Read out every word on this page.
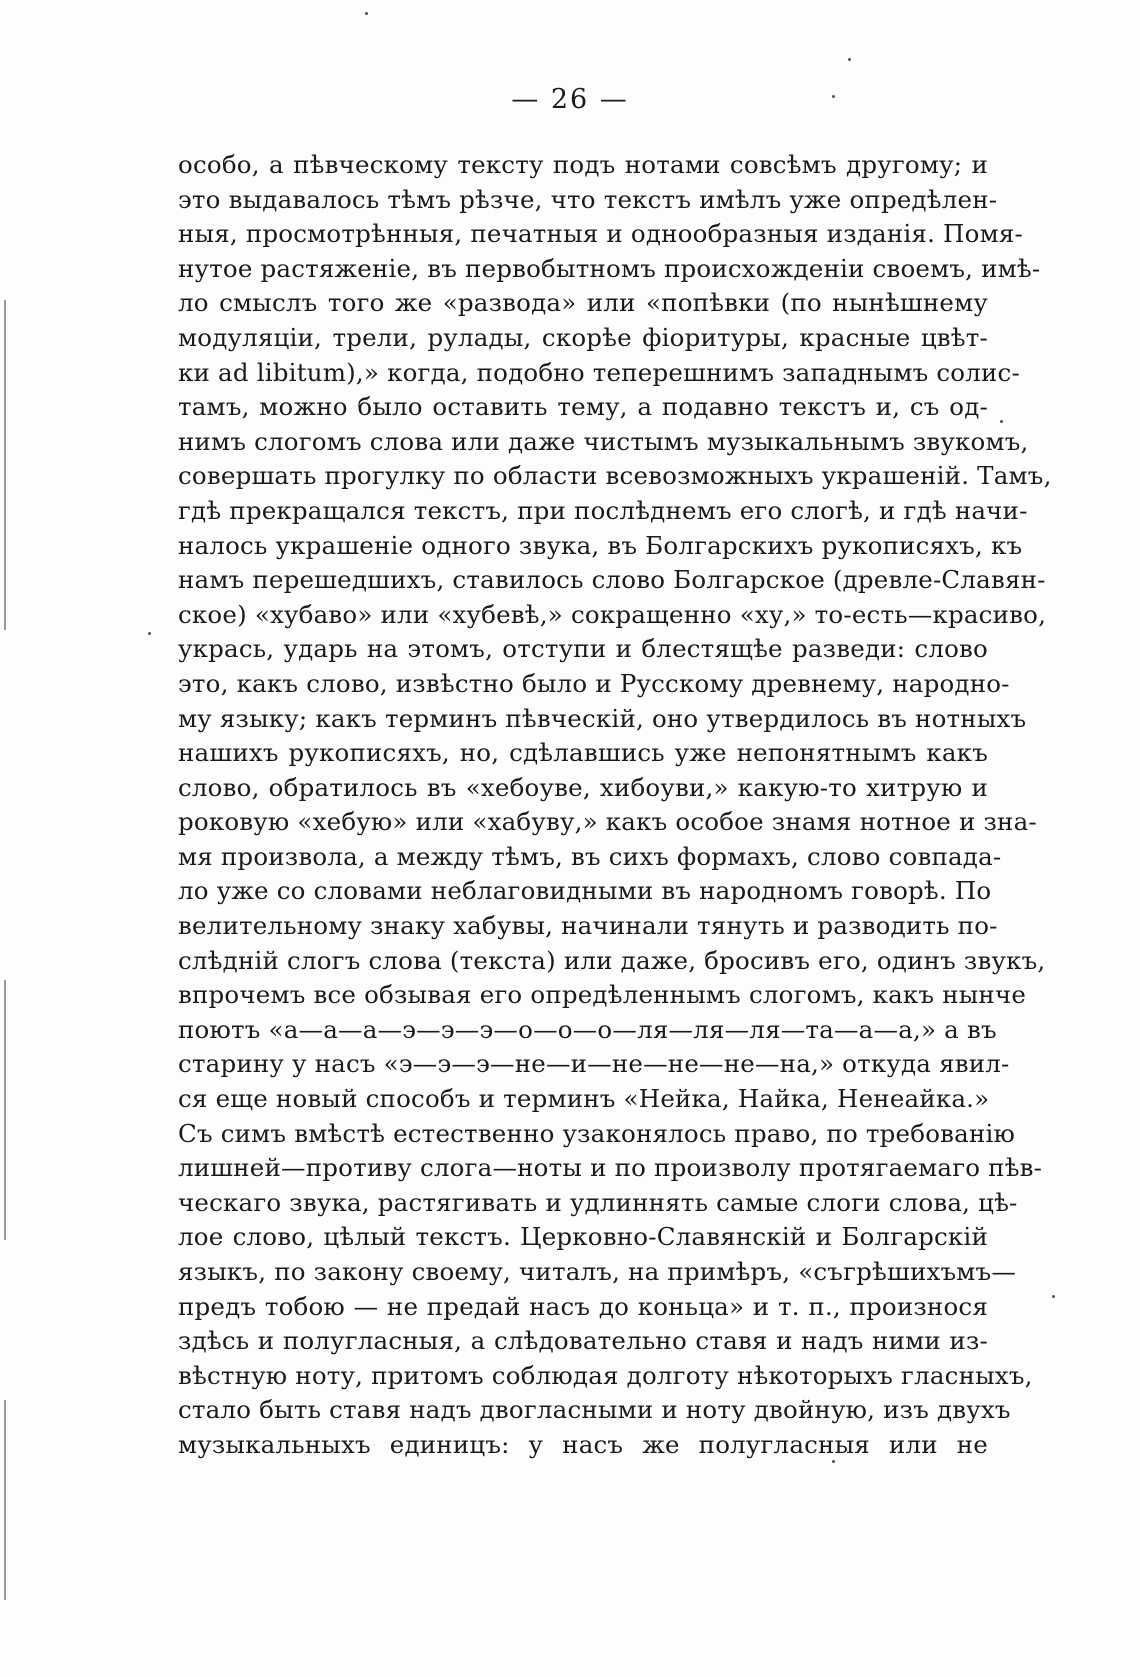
— 26 —
особо, а пѣвческому тексту подъ нотами совсѣмъ другому; и
это выдавалось тѣмъ рѣзче, что текстъ имѣлъ уже опредѣлен-
ныя, просмотрѣнныя, печатныя и однообразныя изданія. Помя-
нутое растяженіе, въ первобытномъ происхожденіи своемъ, имѣ-
ло смыслъ того же «развода» или «попѣвки (по нынѣшнему
модуляціи, трели, рулады, скорѣе фіоритуры, красные цвѣт-
ки ad libitum),» когда, подобно теперешнимъ западнымъ солис-
тамъ, можно было оставить тему, а подавно текстъ и, съ од-
нимъ слогомъ слова или даже чистымъ музыкальнымъ звукомъ,
совершать прогулку по области всевозможныхъ украшеній. Тамъ,
гдѣ прекращался текстъ, при послѣднемъ его слогѣ, и гдѣ начи-
налось украшеніе одного звука, въ Болгарскихъ рукописяхъ, къ
намъ перешедшихъ, ставилось слово Болгарское (древле-Славян-
ское) «хубаво» или «хубевѣ,» сокращенно «ху,» то-есть—красиво,
укрась, ударь на этомъ, отступи и блестящѣе разведи: слово
это, какъ слово, извѣстно было и Русскому древнему, народно-
му языку; какъ терминъ пѣвческій, оно утвердилось въ нотныхъ
нашихъ рукописяхъ, но, сдѣлавшись уже непонятнымъ какъ
слово, обратилось въ «хебоуве, хибоуви,» какую-то хитрую и
роковую «хебую» или «хабуву,» какъ особое знамя нотное и зна-
мя произвола, а между тѣмъ, въ сихъ формахъ, слово совпада-
ло уже со словами неблаговидными въ народномъ говорѣ. По
велительному знаку хабувы, начинали тянуть и разводить по-
слѣдній слогъ слова (текста) или даже, бросивъ его, одинъ звукъ,
впрочемъ все обзывая его опредѣленнымъ слогомъ, какъ нынче
поютъ «а—а—а—э—э—э—о—о—о—ля—ля—ля—та—а—а,» а въ
старину у насъ «э—э—э—не—и—не—не—не—на,» откуда явил-
ся еще новый способъ и терминъ «Нейка, Найка, Ненеайка.»
Съ симъ вмѣстѣ естественно узаконялось право, по требованію
лишней—противу слога—ноты и по произволу протягаемаго пѣв-
ческаго звука, растягивать и удлиннять самые слоги слова, цѣ-
лое слово, цѣлый текстъ. Церковно-Славянскій и Болгарскій
языкъ, по закону своему, читалъ, на примѣръ, «съгрѣшихъмъ—
предъ тобою — не предай насъ до коньца» и т. п., произнося
здѣсь и полугласныя, а слѣдовательно ставя и надъ ними из-
вѣстную ноту, притомъ соблюдая долготу нѣкоторыхъ гласныхъ,
стало быть ставя надъ двогласными и ноту двойную, изъ двухъ
музыкальныхъ единицъ: у насъ же полугласныя или не
